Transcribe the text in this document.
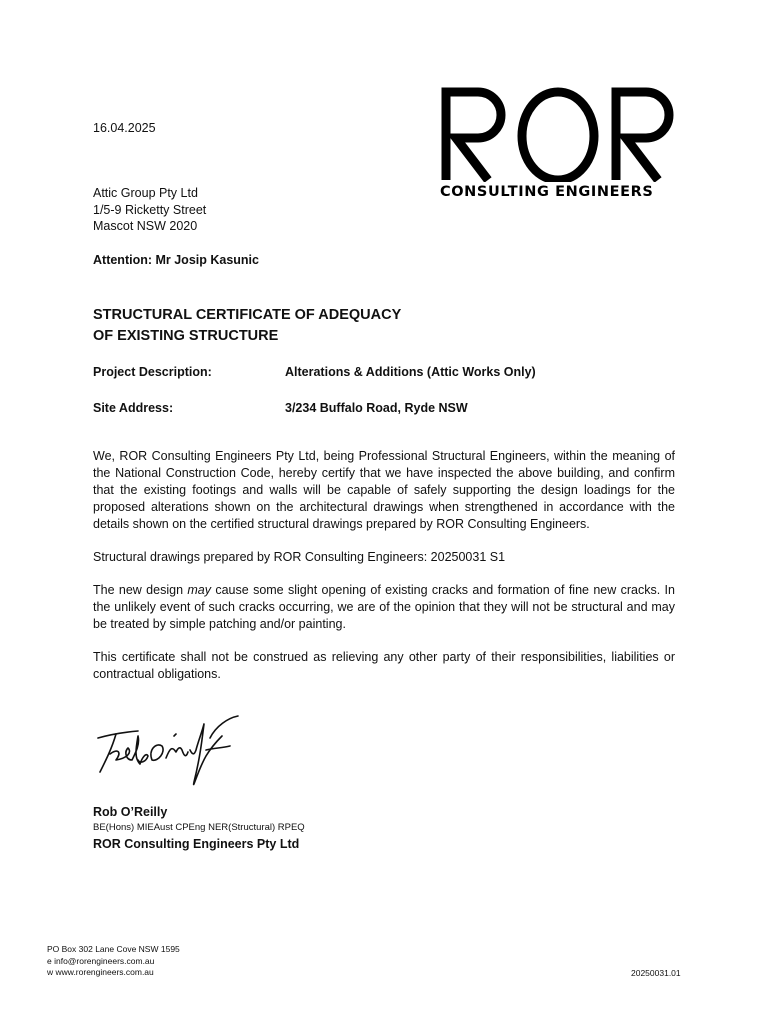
CONSULTING ENGINEERS
16.04.2025
Attic Group Pty Ltd
1/5-9 Ricketty Street
Mascot NSW 2020
Attention: Mr Josip Kasunic
STRUCTURAL CERTIFICATE OF ADEQUACY
OF EXISTING STRUCTURE
Project Description:	Alterations & Additions (Attic Works Only)
Site Address:	3/234 Buffalo Road, Ryde NSW

We, ROR Consulting Engineers Pty Ltd, being Professional Structural Engineers, within the meaning of the National Construction Code, hereby certify that we have inspected the above building, and confirm that the existing footings and walls will be capable of safely supporting the design loadings for the proposed alterations shown on the architectural drawings when strengthened in accordance with the details shown on the certified structural drawings prepared by ROR Consulting Engineers.

Structural drawings prepared by ROR Consulting Engineers: 20250031 S1

The new design may cause some slight opening of existing cracks and formation of fine new cracks. In the unlikely event of such cracks occurring, we are of the opinion that they will not be structural and may be treated by simple patching and/or painting.

This certificate shall not be construed as relieving any other party of their responsibilities, liabilities or contractual obligations.

Rob O’Reilly
BE(Hons) MIEAust CPEng NER(Structural) RPEQ
ROR Consulting Engineers Pty Ltd
PO Box 302 Lane Cove NSW 1595
e info@rorengineers.com.au
w www.rorengineers.com.au	20250031.01
